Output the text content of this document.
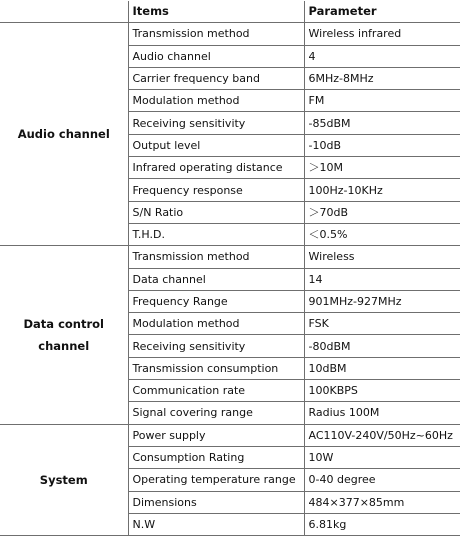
	Items	Parameter
Audio channel	Transmission method	Wireless infrared
	Audio channel	4
	Carrier frequency band	6MHz-8MHz
	Modulation method	FM
	Receiving sensitivity	-85dBM
	Output level	-10dB
	Infrared operating distance	＞10M
	Frequency response	100Hz-10KHz
	S/N Ratio	＞70dB
	T.H.D.	＜0.5%
Data control channel	Transmission method	Wireless
	Data channel	14
	Frequency Range	901MHz-927MHz
	Modulation method	FSK
	Receiving sensitivity	-80dBM
	Transmission consumption	10dBM
	Communication rate	100KBPS
	Signal covering range	Radius 100M
System	Power supply	AC110V-240V/50Hz~60Hz
	Consumption Rating	10W
	Operating temperature range	0-40 degree
	Dimensions	484×377×85mm
	N.W	6.81kg
